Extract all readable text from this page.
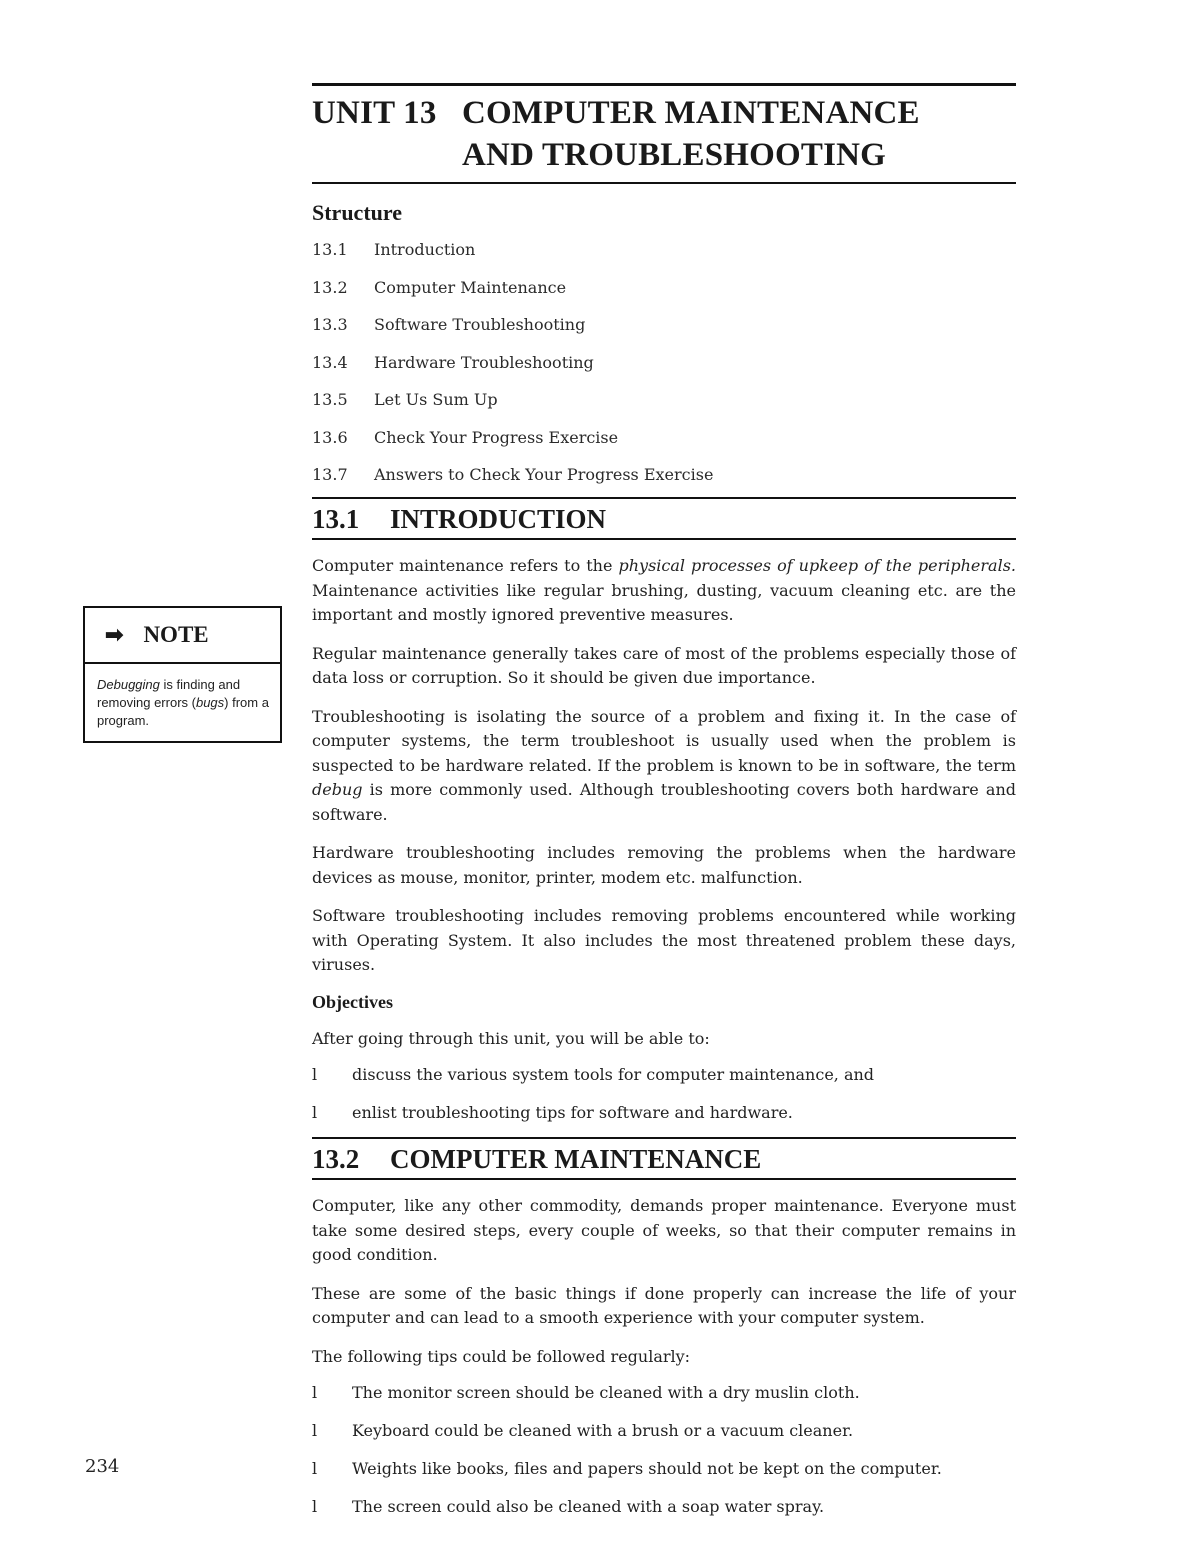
UNIT 13 COMPUTER MAINTENANCE
AND TROUBLESHOOTING
Structure
13.1	Introduction
13.2	Computer Maintenance
13.3	Software Troubleshooting
13.4	Hardware Troubleshooting
13.5	Let Us Sum Up
13.6	Check Your Progress Exercise
13.7	Answers to Check Your Progress Exercise
13.1	INTRODUCTION

Computer maintenance refers to the physical processes of upkeep of the peripherals. Maintenance activities like regular brushing, dusting, vacuum cleaning etc. are the important and mostly ignored preventive measures.

Regular maintenance generally takes care of most of the problems especially those of data loss or corruption. So it should be given due importance.

Troubleshooting is isolating the source of a problem and fixing it. In the case of computer systems, the term troubleshoot is usually used when the problem is suspected to be hardware related. If the problem is known to be in software, the term debug is more commonly used. Although troubleshooting covers both hardware and software.

Hardware troubleshooting includes removing the problems when the hardware devices as mouse, monitor, printer, modem etc. malfunction.

Software troubleshooting includes removing problems encountered while working with Operating System. It also includes the most threatened problem these days, viruses.

Objectives

After going through this unit, you will be able to:

l	discuss the various system tools for computer maintenance, and
l	enlist troubleshooting tips for software and hardware.
13.2	COMPUTER MAINTENANCE

Computer, like any other commodity, demands proper maintenance. Everyone must take some desired steps, every couple of weeks, so that their computer remains in good condition.

These are some of the basic things if done properly can increase the life of your computer and can lead to a smooth experience with your computer system.

The following tips could be followed regularly:

l	The monitor screen should be cleaned with a dry muslin cloth.
l	Keyboard could be cleaned with a brush or a vacuum cleaner.
l	Weights like books, files and papers should not be kept on the computer.
l	The screen could also be cleaned with a soap water spray.
➡ NOTE
Debugging is finding and removing errors (bugs) from a program.
234
